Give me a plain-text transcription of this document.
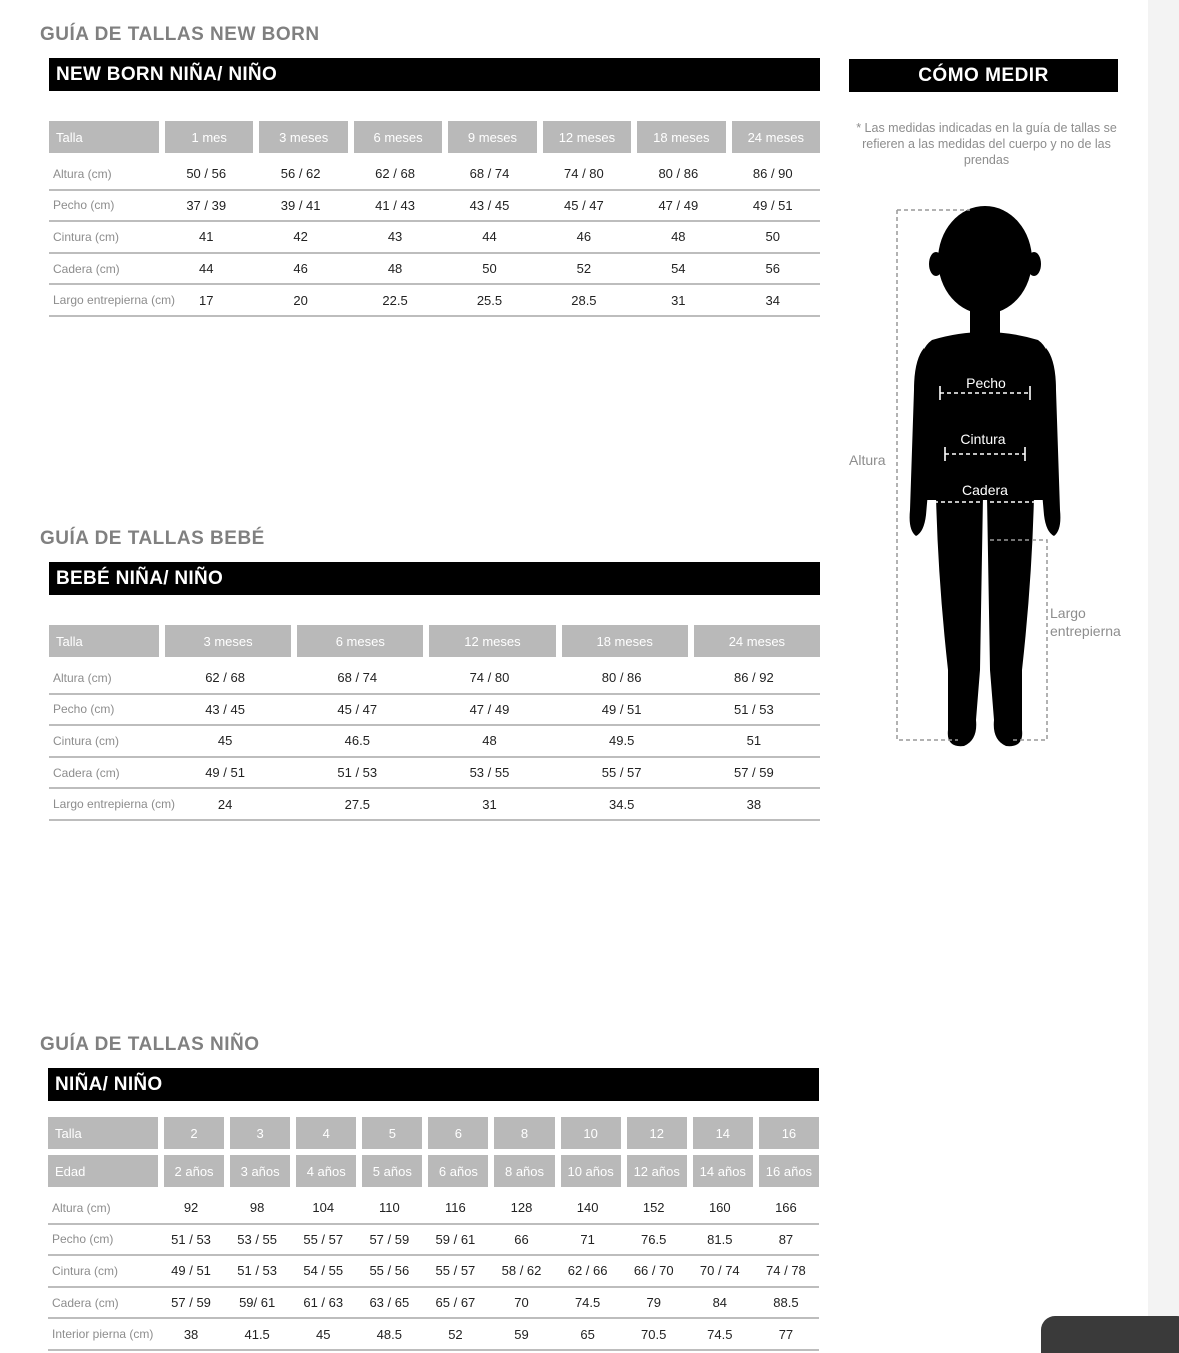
GUÍA DE TALLAS NEW BORN
NEW BORN NIÑA/ NIÑO
Talla	1 mes	3 meses	6 meses	9 meses	12 meses	18 meses	24 meses

Altura (cm)	50 / 56	56 / 62	62 / 68	68 / 74	74 / 80	80 / 86	86 / 90
Pecho (cm)	37 / 39	39 / 41	41 / 43	43 / 45	45 / 47	47 / 49	49 / 51
Cintura (cm)	41	42	43	44	46	48	50
Cadera (cm)	44	46	48	50	52	54	56
Largo entrepierna (cm)	17	20	22.5	25.5	28.5	31	34
GUÍA DE TALLAS BEBÉ
BEBÉ NIÑA/ NIÑO
Talla	3 meses	6 meses	12 meses	18 meses	24 meses

Altura (cm)	62 / 68	68 / 74	74 / 80	80 / 86	86 / 92
Pecho (cm)	43 / 45	45 / 47	47 / 49	49 / 51	51 / 53
Cintura (cm)	45	46.5	48	49.5	51
Cadera (cm)	49 / 51	51 / 53	53 / 55	55 / 57	57 / 59
Largo entrepierna (cm)	24	27.5	31	34.5	38
GUÍA DE TALLAS NIÑO
NIÑA/ NIÑO
Talla	2	3	4	5	6	8	10	12	14	16

Edad	2 años	3 años	4 años	5 años	6 años	8 años	10 años	12 años	14 años	16 años

Altura (cm)	92	98	104	110	116	128	140	152	160	166
Pecho (cm)	51 / 53	53 / 55	55 / 57	57 / 59	59 / 61	66	71	76.5	81.5	87
Cintura (cm)	49 / 51	51 / 53	54 / 55	55 / 56	55 / 57	58 / 62	62 / 66	66 / 70	70 / 74	74 / 78
Cadera (cm)	57 / 59	59/ 61	61 / 63	63 / 65	65 / 67	70	74.5	79	84	88.5
Interior pierna (cm)	38	41.5	45	48.5	52	59	65	70.5	74.5	77
CÓMO MEDIR
* Las medidas indicadas en la guía de tallas se refieren a las medidas del cuerpo y no de las prendas
Pecho
Cintura
Cadera
Altura
Largo
entrepierna
